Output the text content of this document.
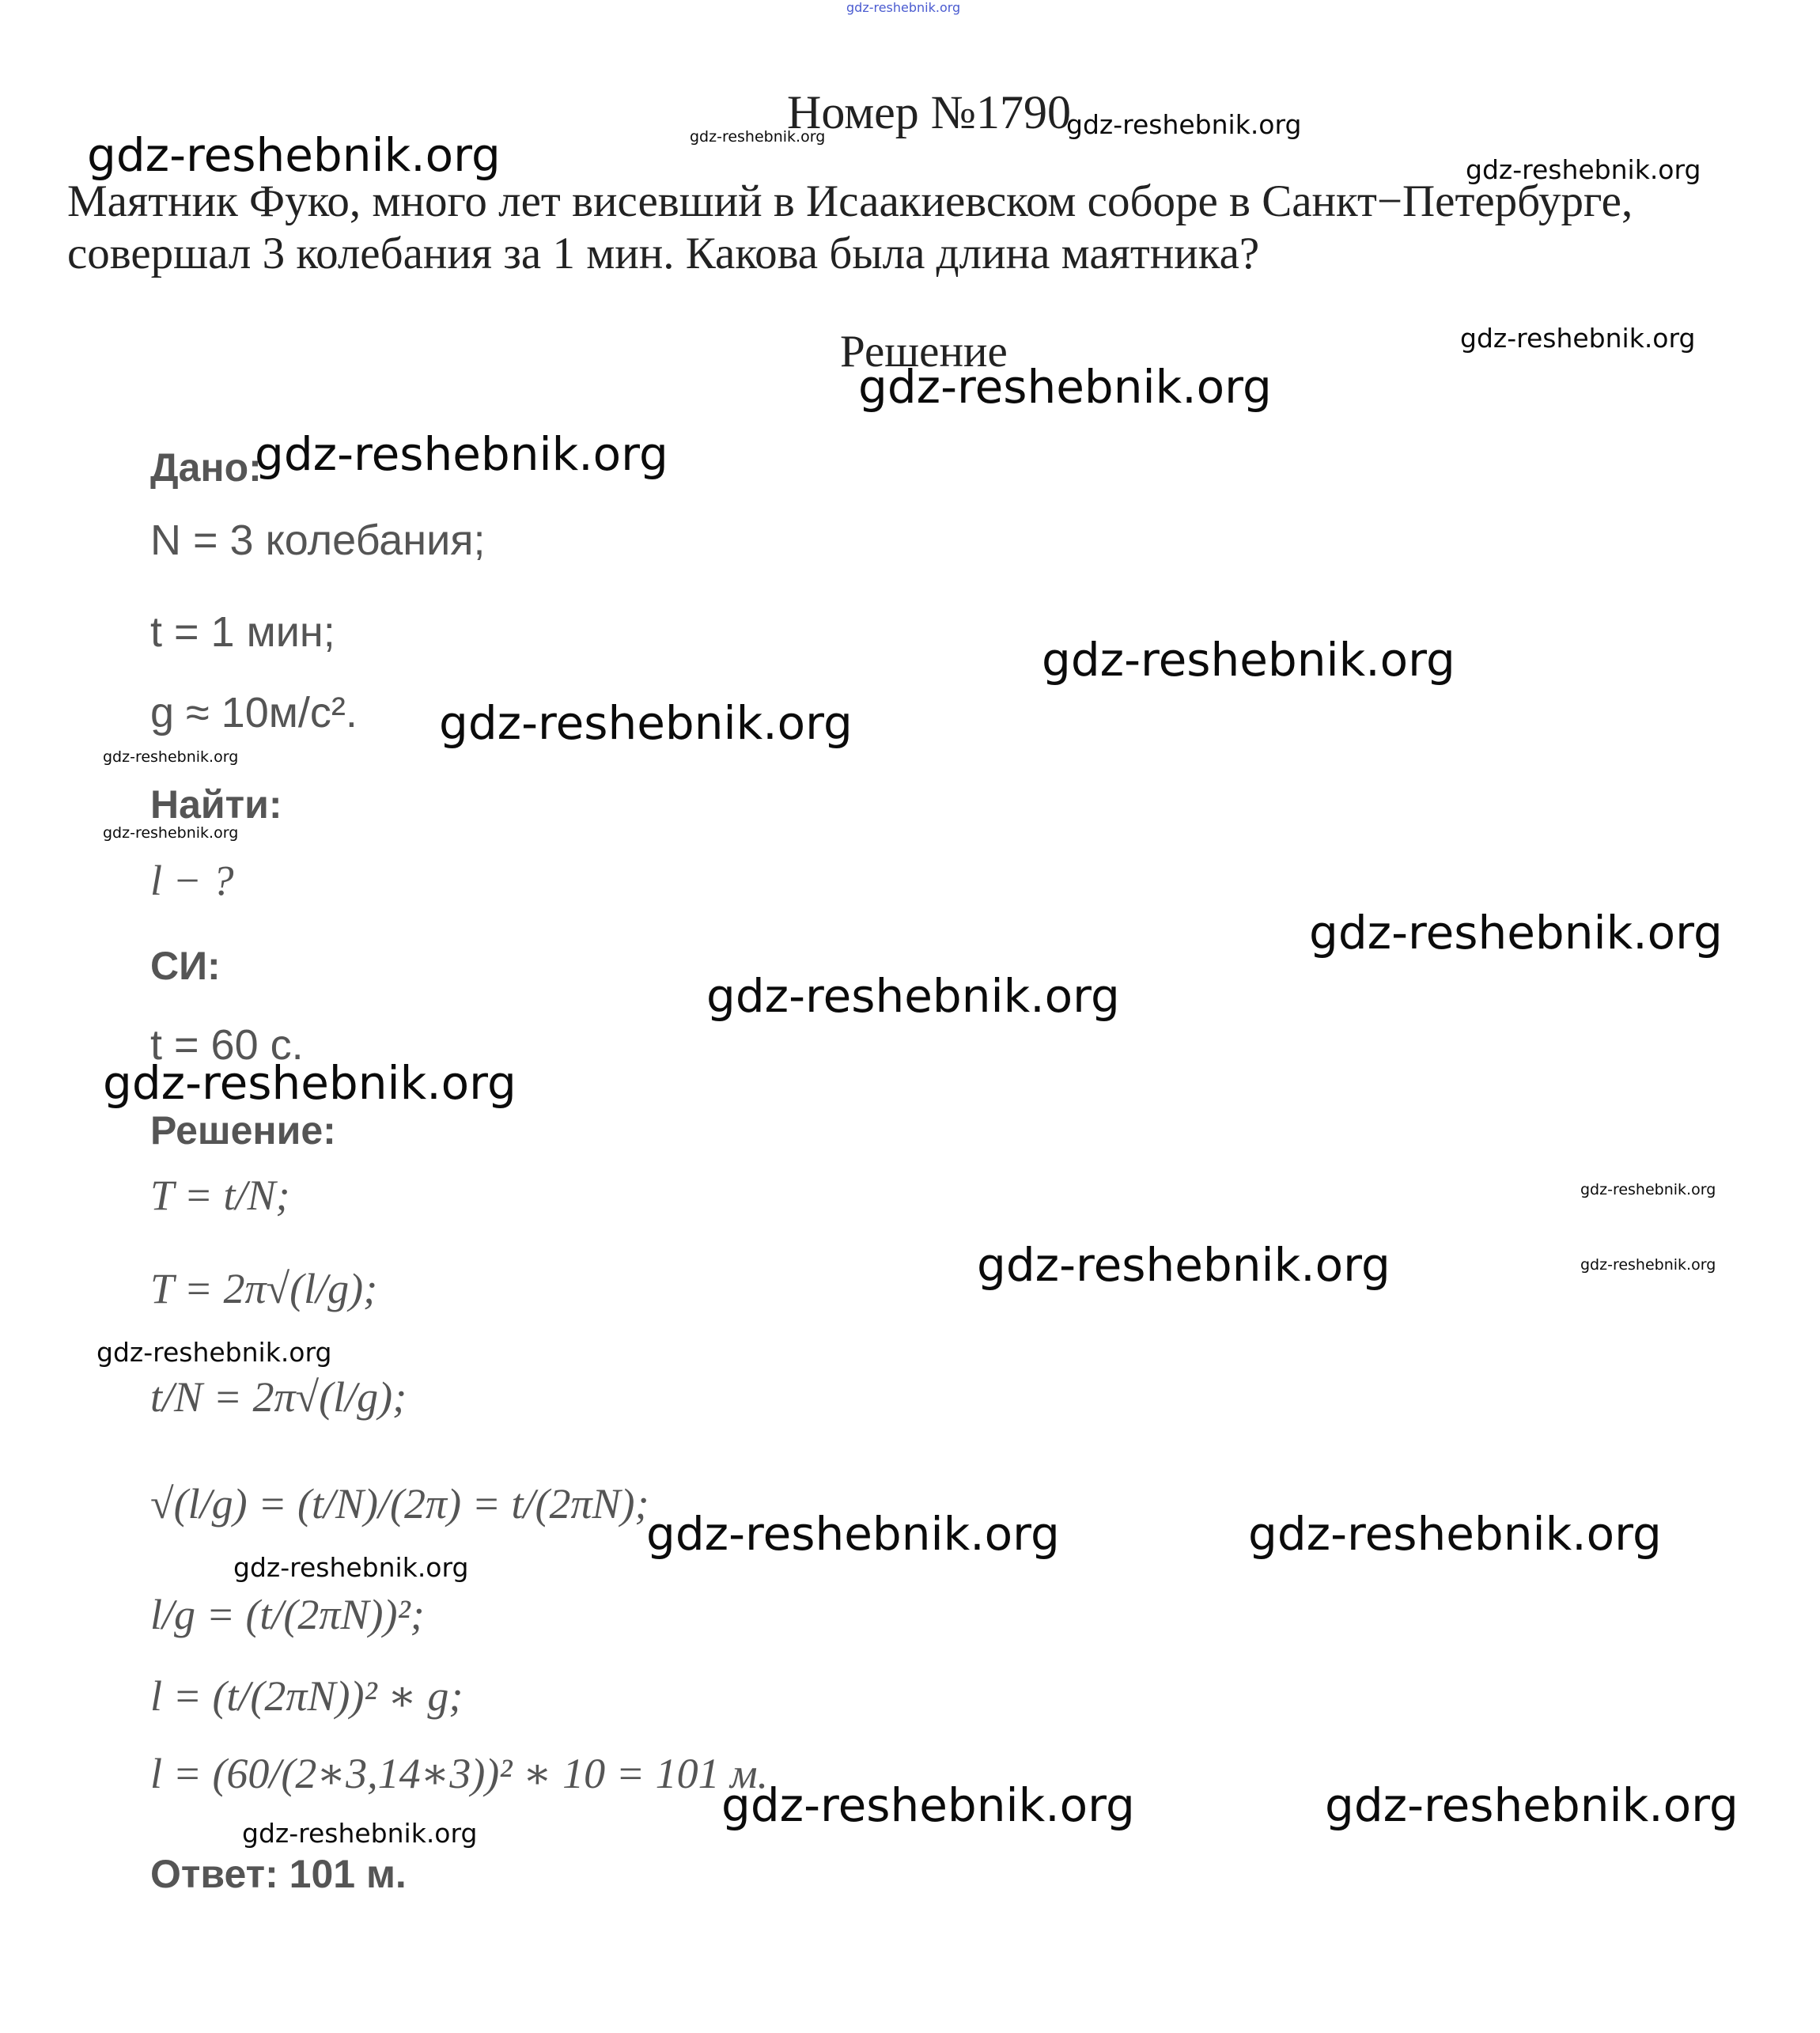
gdz-reshebnik.org
Номер №1790
gdz-reshebnik.org
gdz-reshebnik.org
gdz-reshebnik.org	gdz-reshebnik.org

Маятник Фуко, много лет висевший в Исаакиевском соборе в Санкт−Петербурге, совершал 3 колебания за 1 мин. Какова была длина маятника?

Решение	gdz-reshebnik.org
gdz-reshebnik.org
Дано:
gdz-reshebnik.org
N = 3 колебания;
t = 1 мин;
gdz-reshebnik.org
g ≈ 10м/с². gdz-reshebnik.org
gdz-reshebnik.org
Найти:
gdz-reshebnik.org
l − ?
gdz-reshebnik.org
СИ:
gdz-reshebnik.org
t = 60 с.
gdz-reshebnik.org
Решение:
T = t/N;	gdz-reshebnik.org
T = 2π√(l/g);	gdz-reshebnik.org	gdz-reshebnik.org
gdz-reshebnik.org
t/N = 2π√(l/g);
√(l/g) = (t/N)/(2π) = t/(2πN);
gdz-reshebnik.org	gdz-reshebnik.org
gdz-reshebnik.org
l/g = (t/(2πN))²;
l = (t/(2πN))² ∗ g;
l = (60/(2∗3,14∗3))² ∗ 10 = 101 м.
gdz-reshebnik.org	gdz-reshebnik.org
gdz-reshebnik.org
Ответ: 101 м.
